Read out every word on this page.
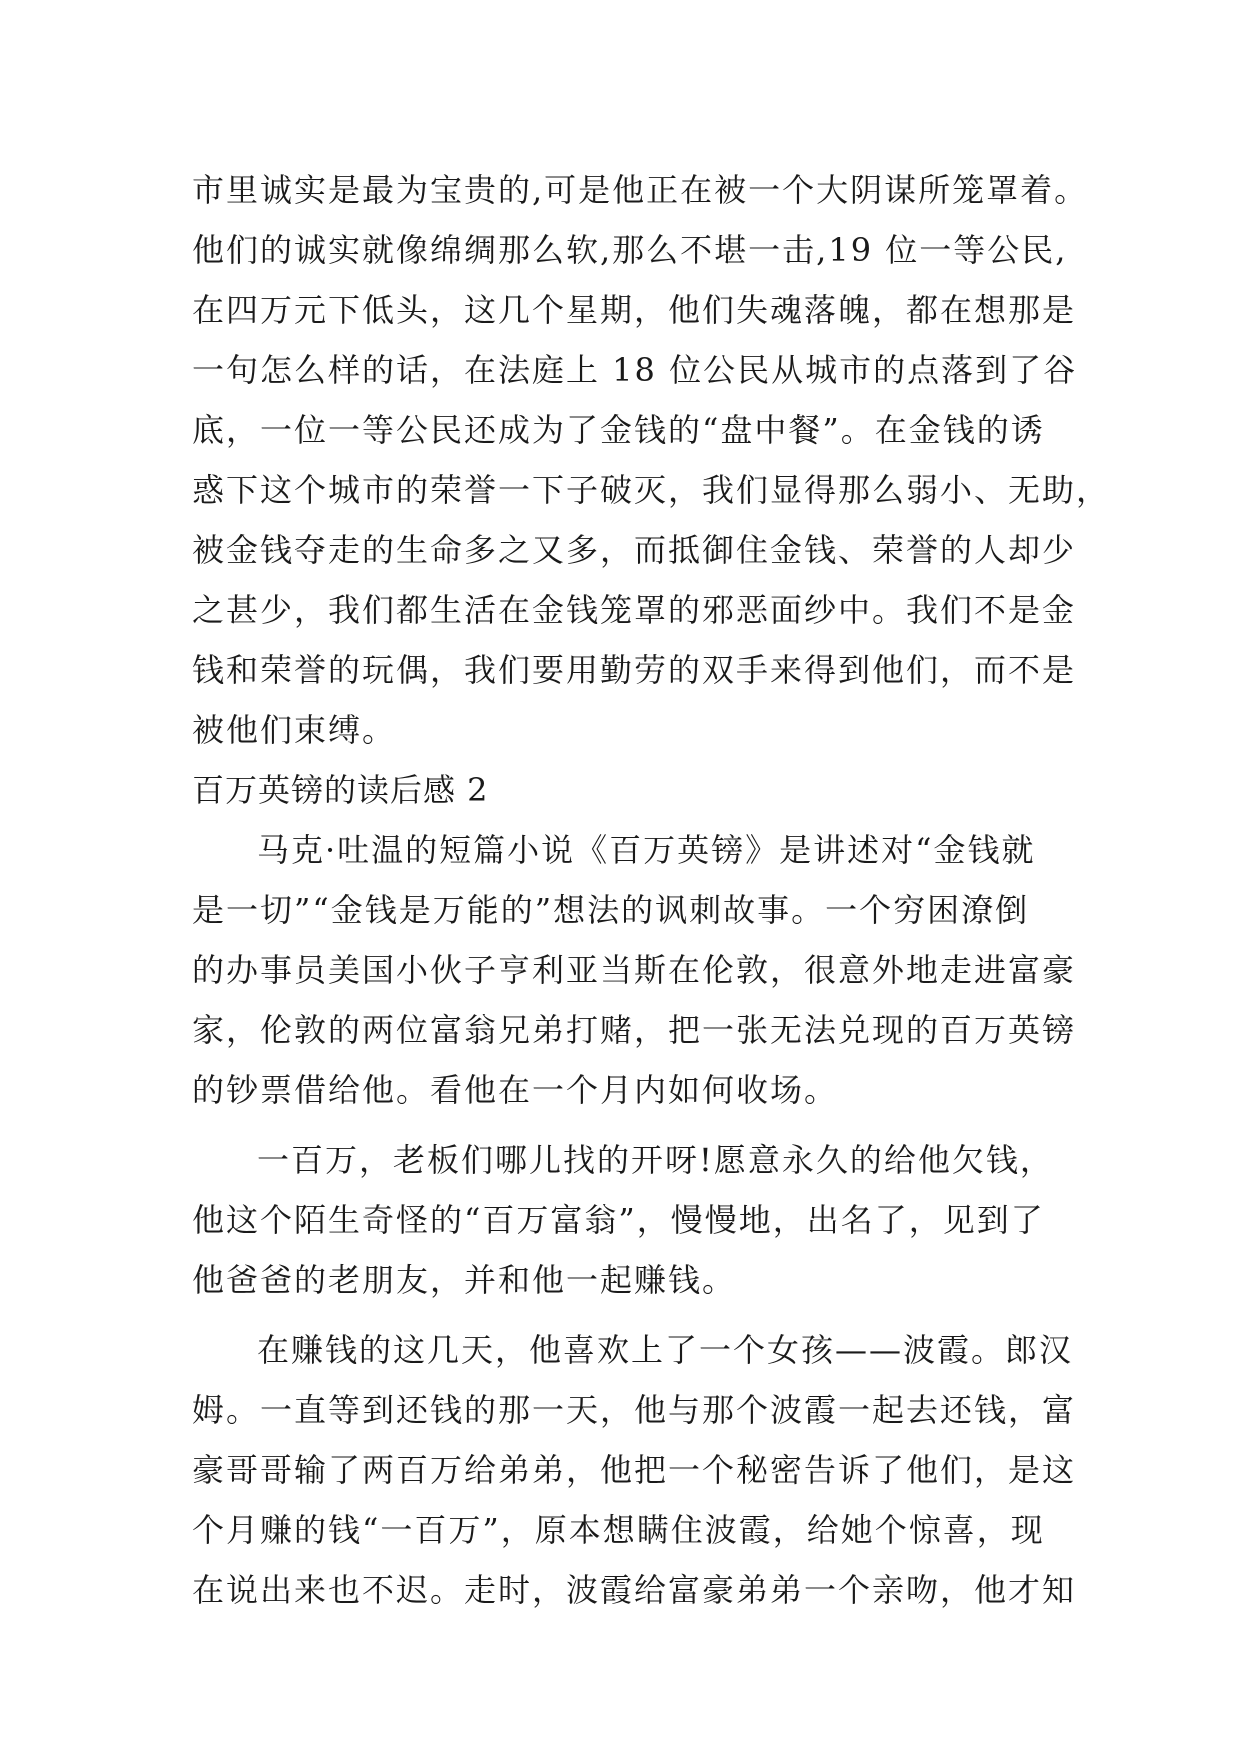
市里诚实是最为宝贵的,可是他正在被一个大阴谋所笼罩着。
他们的诚实就像绵绸那么软,那么不堪一击,19 位一等公民,
在四万元下低头，这几个星期，他们失魂落魄，都在想那是
一句怎么样的话，在法庭上 18 位公民从城市的点落到了谷
底，一位一等公民还成为了金钱的“盘中餐”。在金钱的诱
惑下这个城市的荣誉一下子破灭，我们显得那么弱小、无助，
被金钱夺走的生命多之又多，而抵御住金钱、荣誉的人却少
之甚少，我们都生活在金钱笼罩的邪恶面纱中。我们不是金
钱和荣誉的玩偶，我们要用勤劳的双手来得到他们，而不是
被他们束缚。
百万英镑的读后感 2
马克·吐温的短篇小说《百万英镑》是讲述对“金钱就
是一切”“金钱是万能的”想法的讽刺故事。一个穷困潦倒
的办事员美国小伙子亨利亚当斯在伦敦，很意外地走进富豪
家，伦敦的两位富翁兄弟打赌，把一张无法兑现的百万英镑
的钞票借给他。看他在一个月内如何收场。
一百万，老板们哪儿找的开呀!愿意永久的给他欠钱，
他这个陌生奇怪的“百万富翁”，慢慢地，出名了，见到了
他爸爸的老朋友，并和他一起赚钱。
在赚钱的这几天，他喜欢上了一个女孩——波霞。郎汉
姆。一直等到还钱的那一天，他与那个波霞一起去还钱，富
豪哥哥输了两百万给弟弟，他把一个秘密告诉了他们，是这
个月赚的钱“一百万”，原本想瞒住波霞，给她个惊喜，现
在说出来也不迟。走时，波霞给富豪弟弟一个亲吻，他才知
